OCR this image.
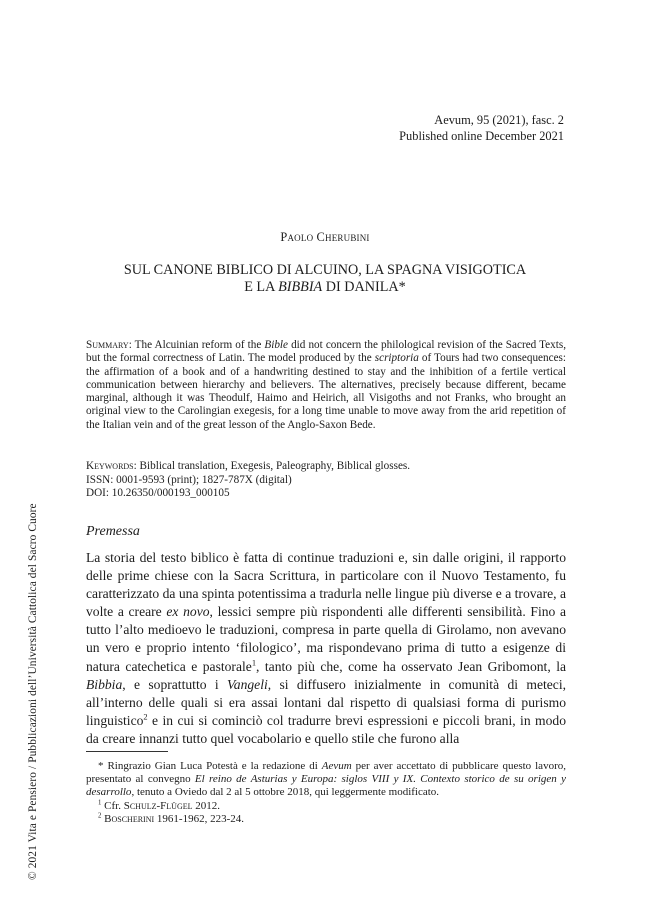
Aevum, 95 (2021), fasc. 2
Published online December 2021
Paolo Cherubini
SUL CANONE BIBLICO DI ALCUINO, LA SPAGNA VISIGOTICA
E LA BIBBIA DI DANILA*
Summary: The Alcuinian reform of the Bible did not concern the philological revision of the Sacred Texts, but the formal correctness of Latin. The model produced by the scriptoria of Tours had two consequences: the affirmation of a book and of a handwriting destined to stay and the inhibition of a fertile vertical communication between hierarchy and believers. The alternatives, precisely because different, became marginal, although it was Theodulf, Haimo and Heirich, all Visigoths and not Franks, who brought an original view to the Carolingian exegesis, for a long time unable to move away from the arid repetition of the Italian vein and of the great lesson of the Anglo-Saxon Bede.
Keywords: Biblical translation, Exegesis, Paleography, Biblical glosses.
ISSN: 0001-9593 (print); 1827-787X (digital)
DOI: 10.26350/000193_000105
Premessa
La storia del testo biblico è fatta di continue traduzioni e, sin dalle origini, il rapporto delle prime chiese con la Sacra Scrittura, in particolare con il Nuovo Testamento, fu caratterizzato da una spinta potentissima a tradurla nelle lingue più diverse e a trovare, a volte a creare ex novo, lessici sempre più rispondenti alle differenti sensibilità. Fino a tutto l’alto medioevo le traduzioni, compresa in parte quella di Girolamo, non avevano un vero e proprio intento ‘filologico’, ma rispondevano prima di tutto a esigenze di natura catechetica e pastorale$^1$, tanto più che, come ha osservato Jean Gribomont, la Bibbia, e soprattutto i Vangeli, si diffusero inizialmente in comunità di meteci, all’interno delle quali si era assai lontani dal rispetto di qualsiasi forma di purismo linguistico$^2$ e in cui si cominciò col tradurre brevi espressioni e piccoli brani, in modo da creare innanzi tutto quel vocabolario e quello stile che furono alla

* Ringrazio Gian Luca Potestà e la redazione di Aevum per aver accettato di pubblicare questo lavoro, presentato al convegno El reino de Asturias y Europa: siglos VIII y IX. Contexto storico de su origen y desarrollo, tenuto a Oviedo dal 2 al 5 ottobre 2018, qui leggermente modificato.

$^1$ Cfr. Schulz-Flügel 2012.

$^2$ Boscherini 1961-1962, 223-24.

© 2021 Vita e Pensiero / Pubblicazioni dell’Università Cattolica del Sacro Cuore
